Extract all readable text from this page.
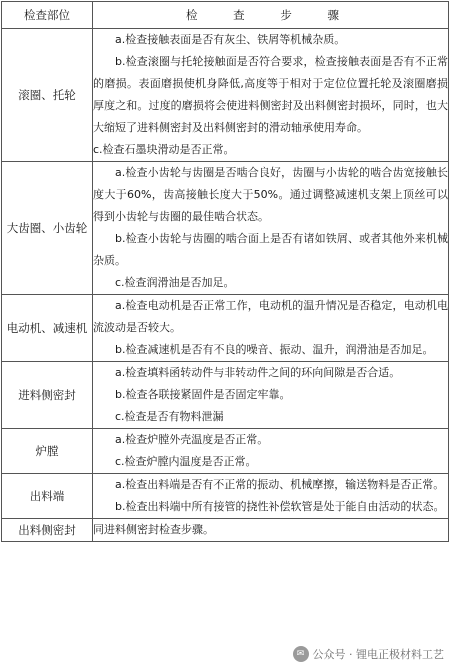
检查部位	检 查 步 骤
滚圈、托轮	a.检查接触表面是否有灰尘、铁屑等机械杂质。

b.检查滚圈与托轮接触面是否符合要求，检查接触表面是否有不正常的磨损。表面磨损使机身降低,高度等于相对于定位位置托轮及滚圈磨损厚度之和。过度的磨损将会使进料侧密封及出料侧密封损坏，同时，也大大缩短了进料侧密封及出料侧密封的滑动轴承使用寿命。

c.检查石墨块滑动是否正常。

大齿圈、小齿轮	a.检查小齿轮与齿圈是否啮合良好，齿圈与小齿轮的啮合齿宽接触长度大于60%，齿高接触长度大于50%。通过调整减速机支架上顶丝可以得到小齿轮与齿圈的最佳啮合状态。

b.检查小齿轮与齿圈的啮合面上是否有诸如铁屑、或者其他外来机械杂质。

c.检查润滑油是否加足。

电动机、减速机	a.检查电动机是否正常工作，电动机的温升情况是否稳定，电动机电流波动是否较大。

b.检查减速机是否有不良的噪音、振动、温升，润滑油是否加足。

进料侧密封	a.检查填料函转动件与非转动件之间的环向间隙是否合适。

b.检查各联接紧固件是否固定牢靠。

c.检查是否有物料泄漏

炉膛	a.检查炉膛外壳温度是否正常。

c.检查炉膛内温度是否正常。

出料端	a.检查出料端是否有不正常的振动、机械摩擦，输送物料是否正常。

b.检查出料端中所有接管的挠性补偿软管是处于能自由活动的状态。

出料侧密封	同进料侧密封检查步骤。

✉ 公众号 · 锂电正极材料工艺
